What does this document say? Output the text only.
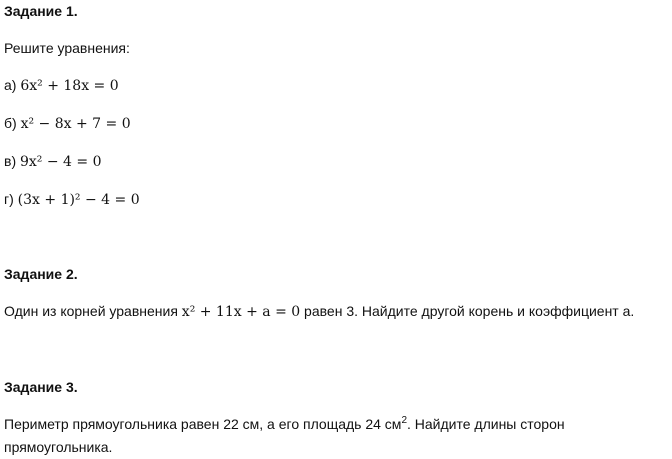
Задание 1.
Решите уравнения:
а) 6x² + 18x = 0
б) x² − 8x + 7 = 0
в) 9x² − 4 = 0
г) (3x + 1)² − 4 = 0
Задание 2.
Один из корней уравнения x² + 11x + a = 0 равен 3. Найдите другой корень и коэффициент а.
Задание 3.
Периметр прямоугольника равен 22 см, а его площадь 24 $см^2$. Найдите длины сторон
прямоугольника.
